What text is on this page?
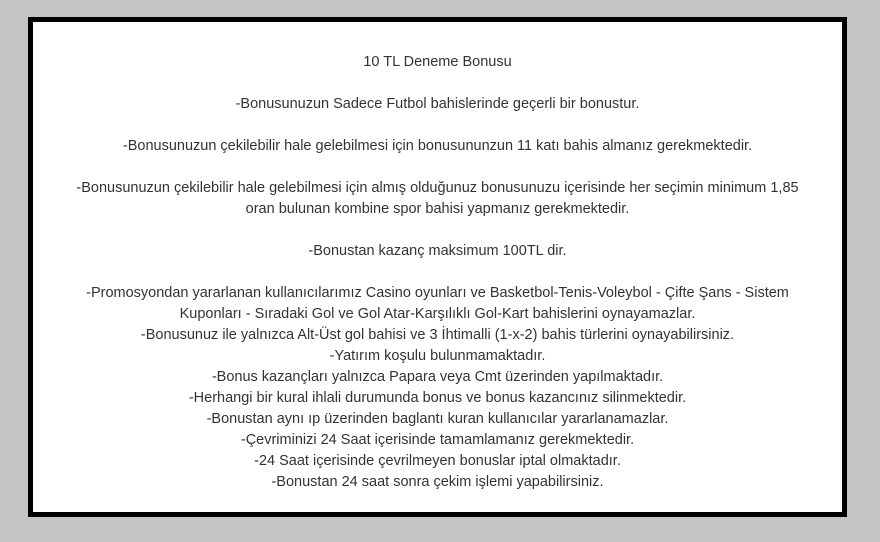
10 TL Deneme Bonusu

-Bonusunuzun Sadece Futbol bahislerinde geçerli bir bonustur.

-Bonusunuzun çekilebilir hale gelebilmesi için bonusununzun 11 katı bahis almanız gerekmektedir.

-Bonusunuzun çekilebilir hale gelebilmesi için almış olduğunuz bonusunuzu içerisinde her seçimin minimum 1,85 oran bulunan kombine spor bahisi yapmanız gerekmektedir.

-Bonustan kazanç maksimum 100TL dir.

-Promosyondan yararlanan kullanıcılarımız Casino oyunları ve Basketbol-Tenis-Voleybol - Çifte Şans - Sistem Kuponları - Sıradaki Gol ve Gol Atar-Karşılıklı Gol-Kart bahislerini oynayamazlar.

-Bonusunuz ile yalnızca Alt-Üst gol bahisi ve 3 İhtimalli (1-x-2) bahis türlerini oynayabilirsiniz.

-Yatırım koşulu bulunmamaktadır.

-Bonus kazançları yalnızca Papara veya Cmt üzerinden yapılmaktadır.

-Herhangi bir kural ihlali durumunda bonus ve bonus kazancınız silinmektedir.

-Bonustan aynı ıp üzerinden baglantı kuran kullanıcılar yararlanamazlar.

-Çevriminizi 24 Saat içerisinde tamamlamanız gerekmektedir.

-24 Saat içerisinde çevrilmeyen bonuslar iptal olmaktadır.

-Bonustan 24 saat sonra çekim işlemi yapabilirsiniz.
